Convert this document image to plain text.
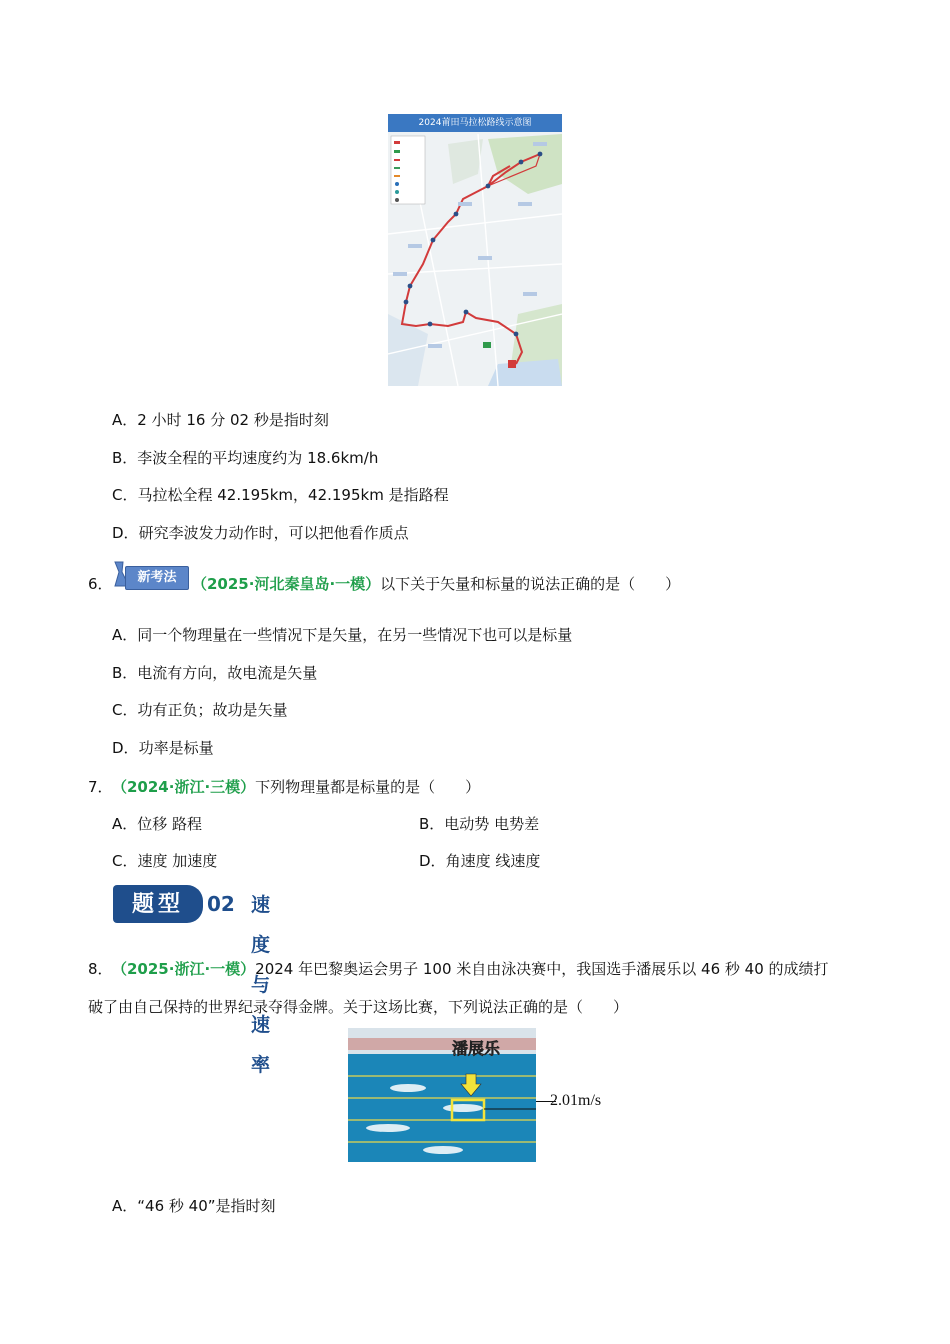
2024莆田马拉松路线示意图
A．2 小时 16 分 02 秒是指时刻
B．李波全程的平均速度约为 18.6km/h
C．马拉松全程 42.195km，42.195km 是指路程
D．研究李波发力动作时，可以把他看作质点
6．	新考法	（2025·河北秦皇岛·一模）以下关于矢量和标量的说法正确的是（　　）
A．同一个物理量在一些情况下是矢量，在另一些情况下也可以是标量
B．电流有方向，故电流是矢量
C．功有正负；故功是矢量
D．功率是标量
7． （2024·浙江·三模）下列物理量都是标量的是（　　）
A．位移 路程	B．电动势 电势差
C．速度 加速度	D．角速度 线速度
题型	02 速度与速率
8． （2025·浙江·一模）2024 年巴黎奥运会男子 100 米自由泳决赛中，我国选手潘展乐以 46 秒 40 的成绩打
破了由自己保持的世界纪录夺得金牌。关于这场比赛，下列说法正确的是（　　）
潘展乐
2.01m/s
A．“46 秒 40”是指时刻
